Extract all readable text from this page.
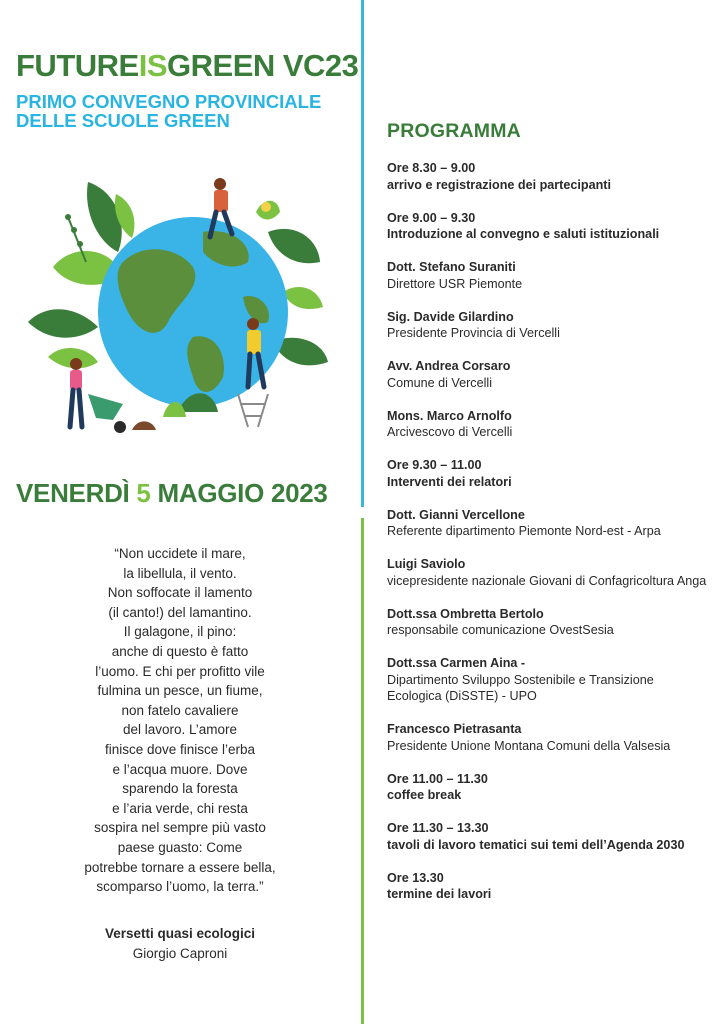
FUTUREISGREEN VC23
PRIMO CONVEGNO PROVINCIALE
DELLE SCUOLE GREEN
VENERDÌ 5 MAGGIO 2023
“Non uccidete il mare,
la libellula, il vento.
Non soffocate il lamento
(il canto!) del lamantino.
Il galagone, il pino:
anche di questo è fatto
l’uomo. E chi per profitto vile
fulmina un pesce, un fiume,
non fatelo cavaliere
del lavoro. L’amore
finisce dove finisce l’erba
e l’acqua muore. Dove
sparendo la foresta
e l’aria verde, chi resta
sospira nel sempre più vasto
paese guasto: Come
potrebbe tornare a essere bella,
scomparso l’uomo, la terra.”
Versetti quasi ecologici
Giorgio Caproni
PROGRAMMA
Ore 8.30 – 9.00
arrivo e registrazione dei partecipanti
Ore 9.00 – 9.30
Introduzione al convegno e saluti istituzionali
Dott. Stefano Suraniti
Direttore USR Piemonte
Sig. Davide Gilardino
Presidente Provincia di Vercelli
Avv. Andrea Corsaro
Comune di Vercelli
Mons. Marco Arnolfo
Arcivescovo di Vercelli
Ore 9.30 – 11.00
Interventi dei relatori
Dott. Gianni Vercellone
Referente dipartimento Piemonte Nord-est - Arpa
Luigi Saviolo
vicepresidente nazionale Giovani di Confagricoltura Anga
Dott.ssa Ombretta Bertolo
responsabile comunicazione OvestSesia
Dott.ssa Carmen Aina -
Dipartimento Sviluppo Sostenibile e Transizione
Ecologica (DiSSTE) - UPO
Francesco Pietrasanta
Presidente Unione Montana Comuni della Valsesia
Ore 11.00 – 11.30
coffee break
Ore 11.30 – 13.30
tavoli di lavoro tematici sui temi dell’Agenda 2030
Ore 13.30
termine dei lavori
